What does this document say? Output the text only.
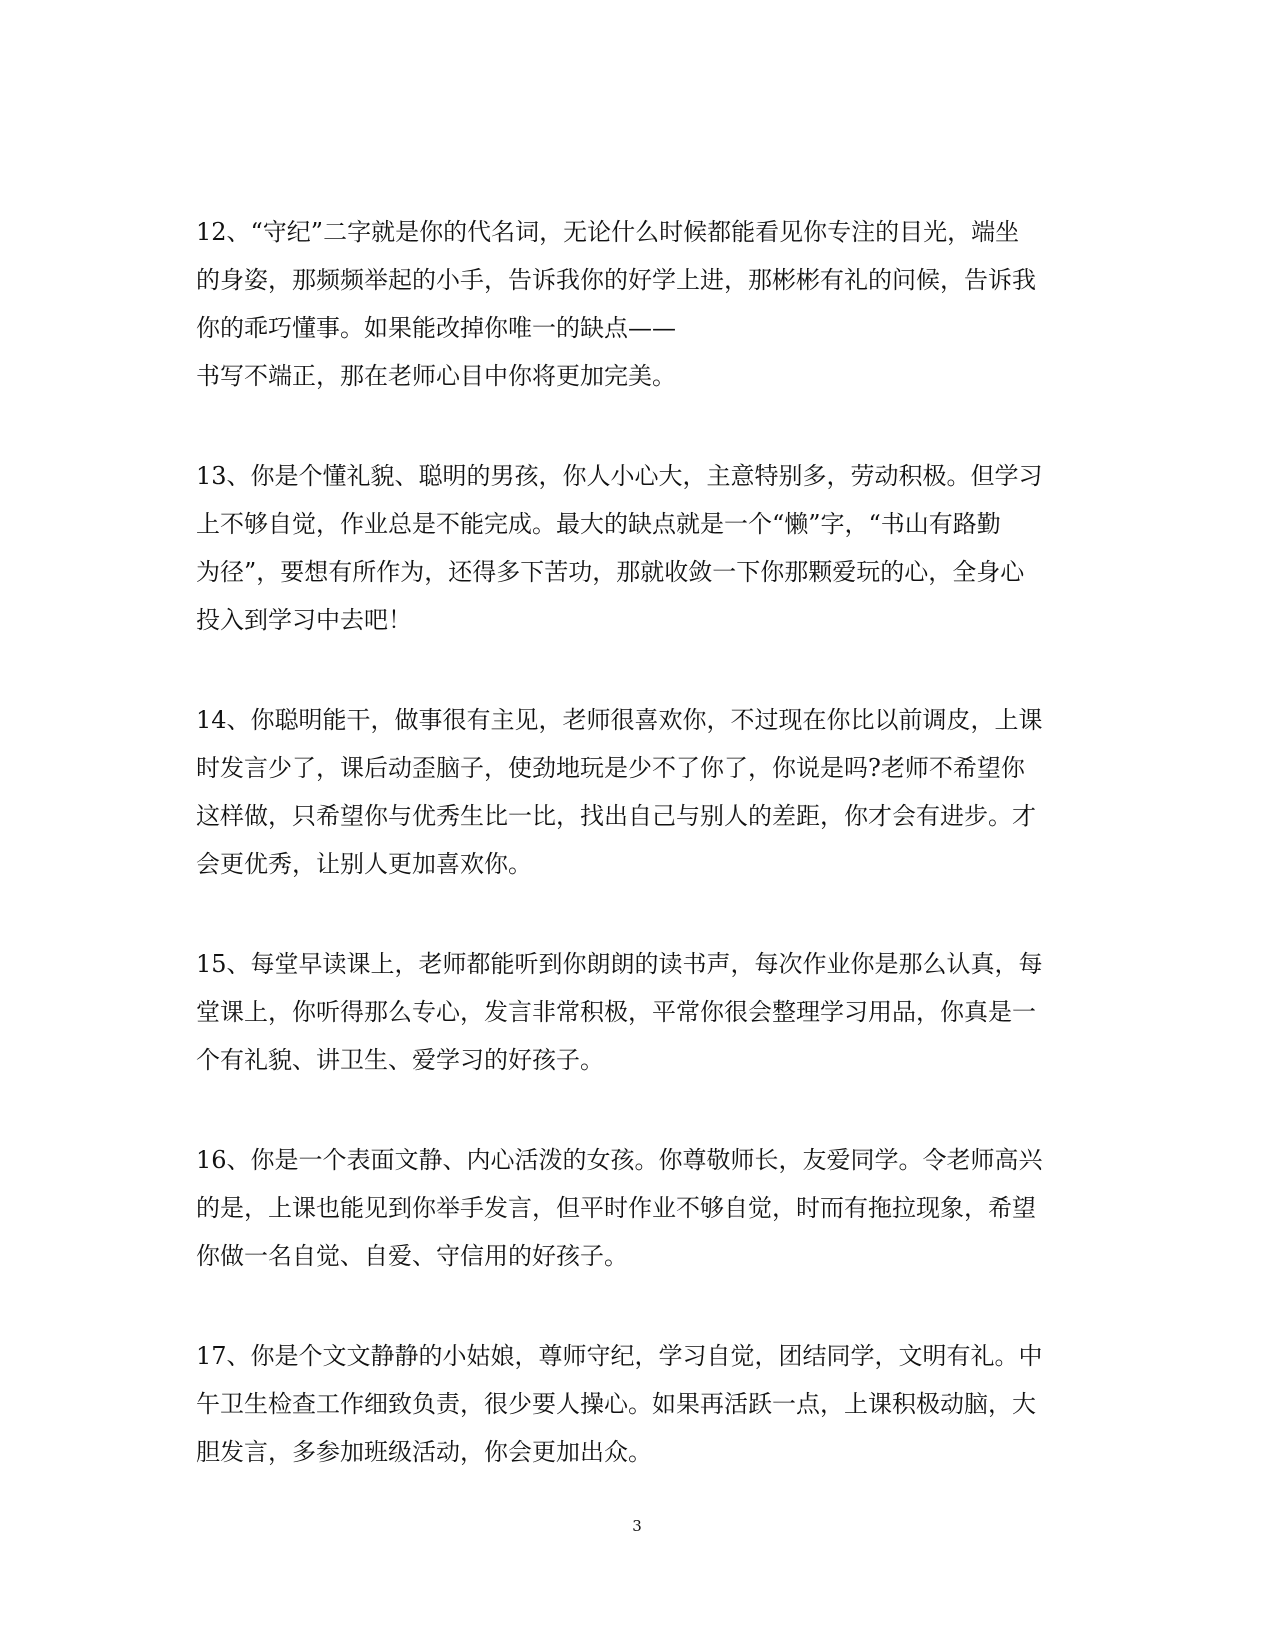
12、“守纪”二字就是你的代名词，无论什么时候都能看见你专注的目光，端坐
的身姿，那频频举起的小手，告诉我你的好学上进，那彬彬有礼的问候，告诉我
你的乖巧懂事。如果能改掉你唯一的缺点——
书写不端正，那在老师心目中你将更加完美。
13、你是个懂礼貌、聪明的男孩，你人小心大，主意特别多，劳动积极。但学习
上不够自觉，作业总是不能完成。最大的缺点就是一个“懒”字，“书山有路勤
为径”，要想有所作为，还得多下苦功，那就收敛一下你那颗爱玩的心，全身心
投入到学习中去吧！
14、你聪明能干，做事很有主见，老师很喜欢你，不过现在你比以前调皮，上课
时发言少了，课后动歪脑子，使劲地玩是少不了你了，你说是吗?老师不希望你
这样做，只希望你与优秀生比一比，找出自己与别人的差距，你才会有进步。才
会更优秀，让别人更加喜欢你。
15、每堂早读课上，老师都能听到你朗朗的读书声，每次作业你是那么认真，每
堂课上，你听得那么专心，发言非常积极，平常你很会整理学习用品，你真是一
个有礼貌、讲卫生、爱学习的好孩子。
16、你是一个表面文静、内心活泼的女孩。你尊敬师长，友爱同学。令老师高兴
的是，上课也能见到你举手发言，但平时作业不够自觉，时而有拖拉现象，希望
你做一名自觉、自爱、守信用的好孩子。
17、你是个文文静静的小姑娘，尊师守纪，学习自觉，团结同学，文明有礼。中
午卫生检查工作细致负责，很少要人操心。如果再活跃一点，上课积极动脑，大
胆发言，多参加班级活动，你会更加出众。
3
